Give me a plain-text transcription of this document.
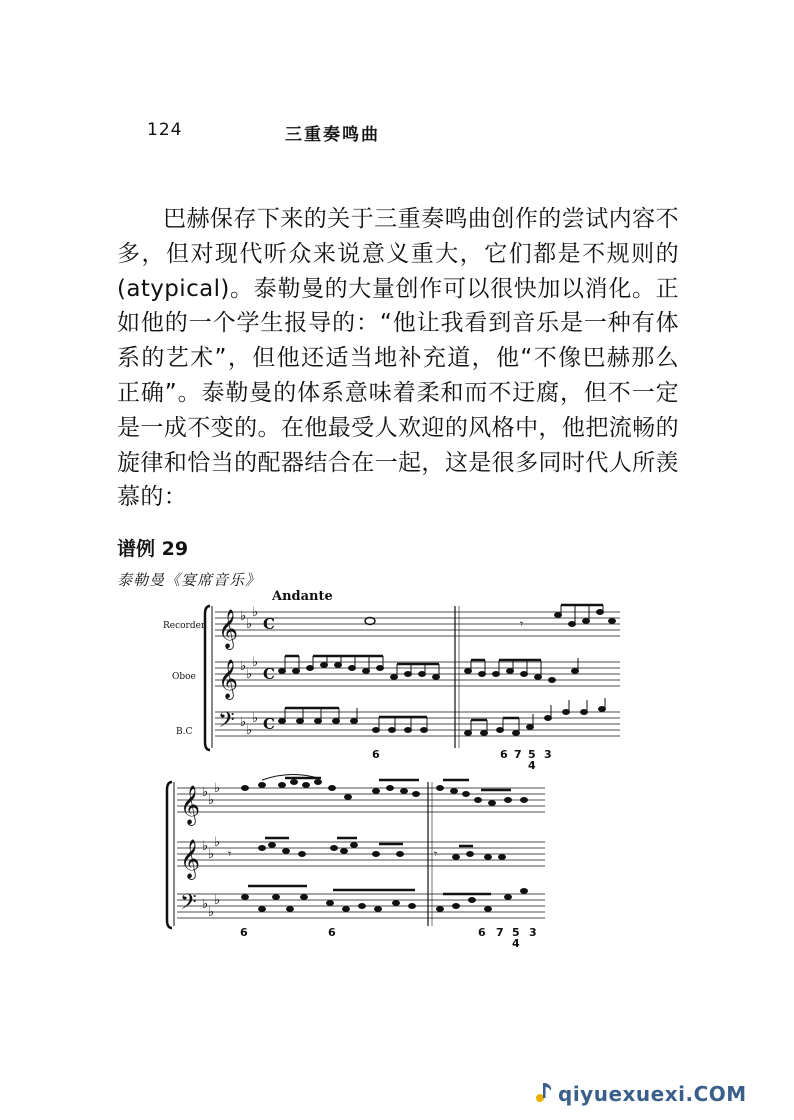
124	三重奏鸣曲

巴赫保存下来的关于三重奏鸣曲创作的尝试内容不多，但对现代听众来说意义重大，它们都是不规则的(atypical)。泰勒曼的大量创作可以很快加以消化。正如他的一个学生报导的：“他让我看到音乐是一种有体系的艺术”，但他还适当地补充道，他“不像巴赫那么正确”。泰勒曼的体系意味着柔和而不迂腐，但不一定是一成不变的。在他最受人欢迎的风格中，他把流畅的旋律和恰当的配器结合在一起，这是很多同时代人所羡慕的：

谱例 29
泰勒曼《宴席音乐》
Andante
Recorder
Oboe
B.C
𝄞
𝄞
𝄢
♭
♭
♭
♭
♭
♭
♭
♭
♭
C
C
C
𝄾
6	6 7 5
4
3
𝄞
𝄞
𝄢
♭
♭
♭
♭
♭
♭
♭
♭
♭
𝄾	𝄾
6	6	6 7 5
4
3
qiyuexuexi.COM
